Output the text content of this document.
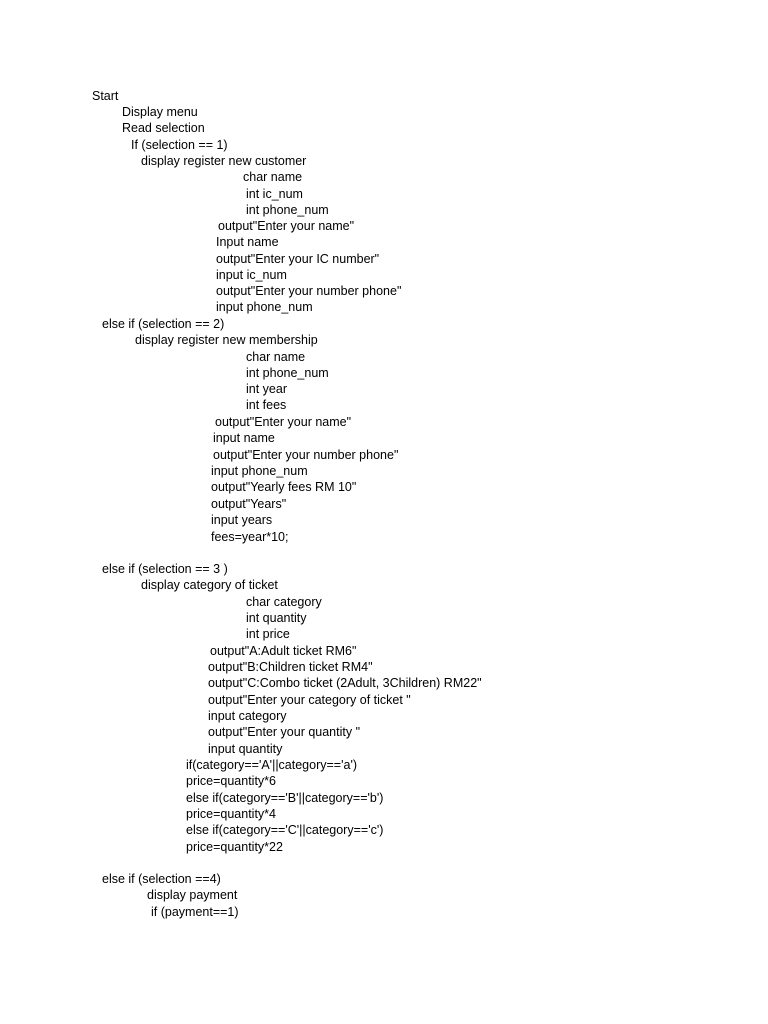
Start
Display menu
Read selection
If (selection == 1)
display register new customer
char name
int ic_num
int phone_num
output"Enter your name"
Input name
output"Enter your IC number"
input ic_num
output"Enter your number phone"
input phone_num
else if (selection == 2)
display register new membership
char name
int phone_num
int year
int fees
output"Enter your name"
input name
output"Enter your number phone"
input phone_num
output"Yearly fees RM 10"
output"Years"
input years
fees=year*10;
else if (selection == 3 )
display category of ticket
char category
int quantity
int price
output"A:Adult ticket RM6"
output"B:Children ticket RM4"
output"C:Combo ticket (2Adult, 3Children) RM22"
output"Enter your category of ticket "
input category
output"Enter your quantity "
input quantity
if(category=='A'||category=='a')
price=quantity*6
else if(category=='B'||category=='b')
price=quantity*4
else if(category=='C'||category=='c')
price=quantity*22
else if (selection ==4)
display payment
if (payment==1)
